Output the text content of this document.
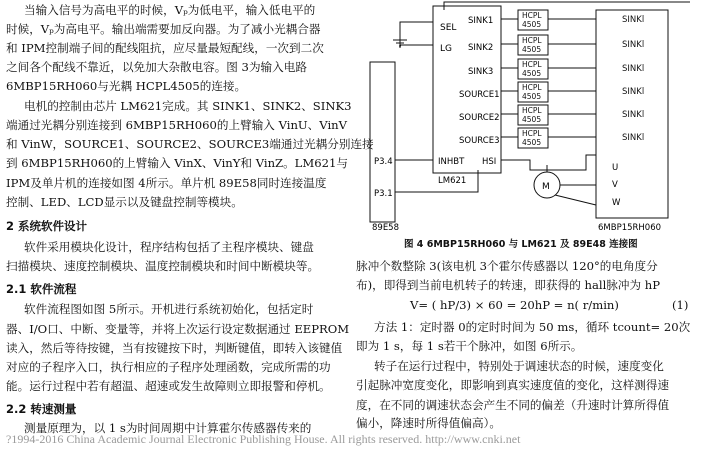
当输入信号为高电平的时候，Vₚ为低电平，输入低电平的
时候，Vₚ为高电平。输出端需要加反向器。为了减小光耦合器
和 IPM控制端子间的配线阻抗，应尽量最短配线，一次到二次
之间各个配线不靠近，以免加大杂散电容。图 3为输入电路
6MBP15RH060与光耦 HCPL4505的连接。
电机的控制由芯片 LM621完成。其 SINK1、SINK2、SINK3
端通过光耦分别连接到 6MBP15RH060的上臂输入 VinU、VinV
和 VinW，SOURCE1、SOURCE2、SOURCE3端通过光耦分别连接
到 6MBP15RH060的上臂输入 VinX、VinY和 VinZ。LM621与
IPM及单片机的连接如图 4所示。单片机 89E58同时连接温度
控制、LED、LCD显示以及键盘控制等模块。
2 系统软件设计
软件采用模块化设计，程序结构包括了主程序模块、键盘
扫描模块、速度控制模块、温度控制模块和时间中断模块等。
2.1 软件流程
软件流程图如图 5所示。开机进行系统初始化，包括定时
器、I/O口、中断、变量等，并将上次运行设定数据通过 EEPROM
读入，然后等待按键，当有按键按下时，判断键值，即转入该键值
对应的子程序入口，执行相应的子程序处理函数，完成所需的功
能。运行过程中若有超温、超速或发生故障则立即报警和停机。
2.2 转速测量
测量原理为，以 1 s为时间周期中计算霍尔传感器传来的
HCPL
4505	SINKl
HCPL
4505	SINKl
HCPL
4505	SINKl
HCPL
4505	SINKl
HCPL
4505	SINKl
HCPL
4505	SINKl
SEL
LG
SINK1
SINK2
SINK3
SOURCE1
SOURCE2
SOURCE3
INHBT HSI
LM621
P3.4
P3.1
89E58
M
U
V
W
6MBP15RH060
图 4 6MBP15RH060 与 LM621 及 89E48 连接图
脉冲个数整除 3(该电机 3个霍尔传感器以 120°的电角度分
布)，即得到当前电机转子的转速，即获得的 hall脉冲为 hP
V= ( hP/3) × 60 = 20hP = n( r/min)	(1)
方法 1：定时器 0的定时时间为 50 ms，循环 tcount= 20次
即为 1 s，每 1 s若干个脉冲，如图 6所示。
转子在运行过程中，特别处于调速状态的时候，速度变化
引起脉冲宽度变化，即影响到真实速度值的变化，这样测得速
度，在不同的调速状态会产生不同的偏差（升速时计算所得值
偏小，降速时所得值偏高）。
?1994-2016 China Academic Journal Electronic Publishing House. All rights reserved. http://www.cnki.net
